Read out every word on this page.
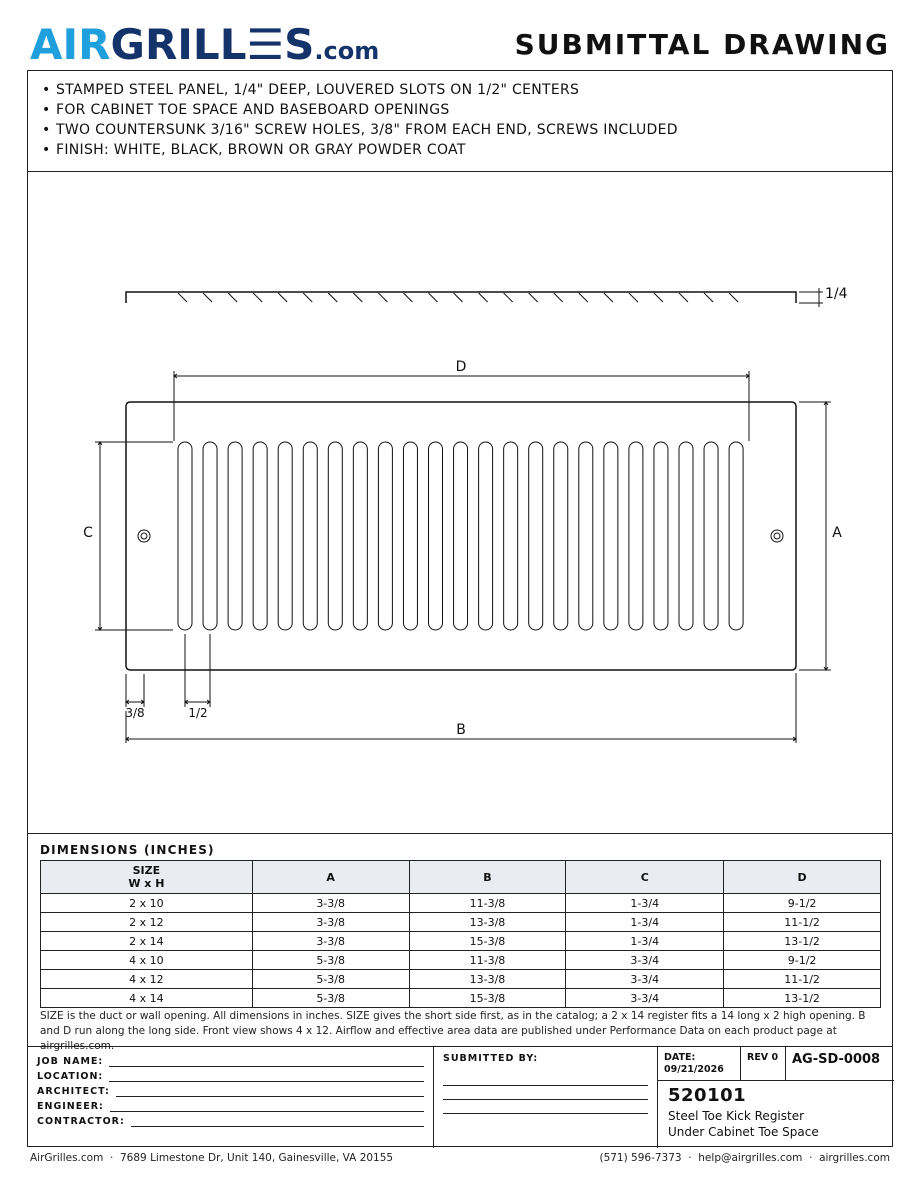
AIR GRILL☰S .com	SUBMITTAL DRAWING
• STAMPED STEEL PANEL, 1/4" DEEP, LOUVERED SLOTS ON 1/2" CENTERS
• FOR CABINET TOE SPACE AND BASEBOARD OPENINGS
• TWO COUNTERSUNK 3/16" SCREW HOLES, 3/8" FROM EACH END, SCREWS INCLUDED
• FINISH: WHITE, BLACK, BROWN OR GRAY POWDER COAT
1/4
D
C	A
3/8	1/2
B
DIMENSIONS (INCHES)
SIZE
W x H	A	B	C	D
2 x 10	3-3/8	11-3/8	1-3/4	9-1/2
2 x 12	3-3/8	13-3/8	1-3/4	11-1/2
2 x 14	3-3/8	15-3/8	1-3/4	13-1/2
4 x 10	5-3/8	11-3/8	3-3/4	9-1/2
4 x 12	5-3/8	13-3/8	3-3/4	11-1/2
4 x 14	5-3/8	15-3/8	3-3/4	13-1/2
SIZE is the duct or wall opening. All dimensions in inches. SIZE gives the short side first, as in the catalog; a 2 x 14 register fits a 14 long x 2 high opening. B and D run along the long side. Front view shows 4 x 12. Airflow and effective area data are published under Performance Data on each product page at airgrilles.com.
JOB NAME:
LOCATION:
ARCHITECT:
ENGINEER:
CONTRACTOR:
SUBMITTED BY:	DATE:
09/21/2026
REV 0	AG-SD-0008
520101
Steel Toe Kick Register
Under Cabinet Toe Space
AirGrilles.com  ·  7689 Limestone Dr, Unit 140, Gainesville, VA 20155	(571) 596-7373  ·  help@airgrilles.com  ·  airgrilles.com
